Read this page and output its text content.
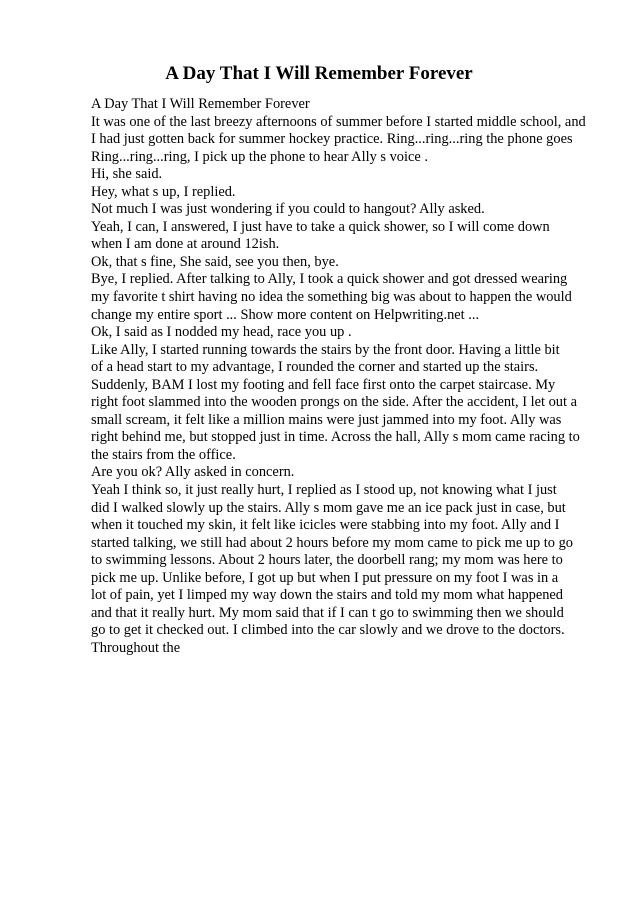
A Day That I Will Remember Forever
A Day That I Will Remember Forever
It was one of the last breezy afternoons of summer before I started middle school, and
I had just gotten back for summer hockey practice. Ring...ring...ring the phone goes
Ring...ring...ring, I pick up the phone to hear Ally s voice .
Hi, she said.
Hey, what s up, I replied.
Not much I was just wondering if you could to hangout? Ally asked.
Yeah, I can, I answered, I just have to take a quick shower, so I will come down
when I am done at around 12ish.
Ok, that s fine, She said, see you then, bye.
Bye, I replied. After talking to Ally, I took a quick shower and got dressed wearing
my favorite t shirt having no idea the something big was about to happen the would
change my entire sport ... Show more content on Helpwriting.net ...
Ok, I said as I nodded my head, race you up .
Like Ally, I started running towards the stairs by the front door. Having a little bit
of a head start to my advantage, I rounded the corner and started up the stairs.
Suddenly, BAM I lost my footing and fell face first onto the carpet staircase. My
right foot slammed into the wooden prongs on the side. After the accident, I let out a
small scream, it felt like a million mains were just jammed into my foot. Ally was
right behind me, but stopped just in time. Across the hall, Ally s mom came racing to
the stairs from the office.
Are you ok? Ally asked in concern.
Yeah I think so, it just really hurt, I replied as I stood up, not knowing what I just
did I walked slowly up the stairs. Ally s mom gave me an ice pack just in case, but
when it touched my skin, it felt like icicles were stabbing into my foot. Ally and I
started talking, we still had about 2 hours before my mom came to pick me up to go
to swimming lessons. About 2 hours later, the doorbell rang; my mom was here to
pick me up. Unlike before, I got up but when I put pressure on my foot I was in a
lot of pain, yet I limped my way down the stairs and told my mom what happened
and that it really hurt. My mom said that if I can t go to swimming then we should
go to get it checked out. I climbed into the car slowly and we drove to the doctors.
Throughout the
